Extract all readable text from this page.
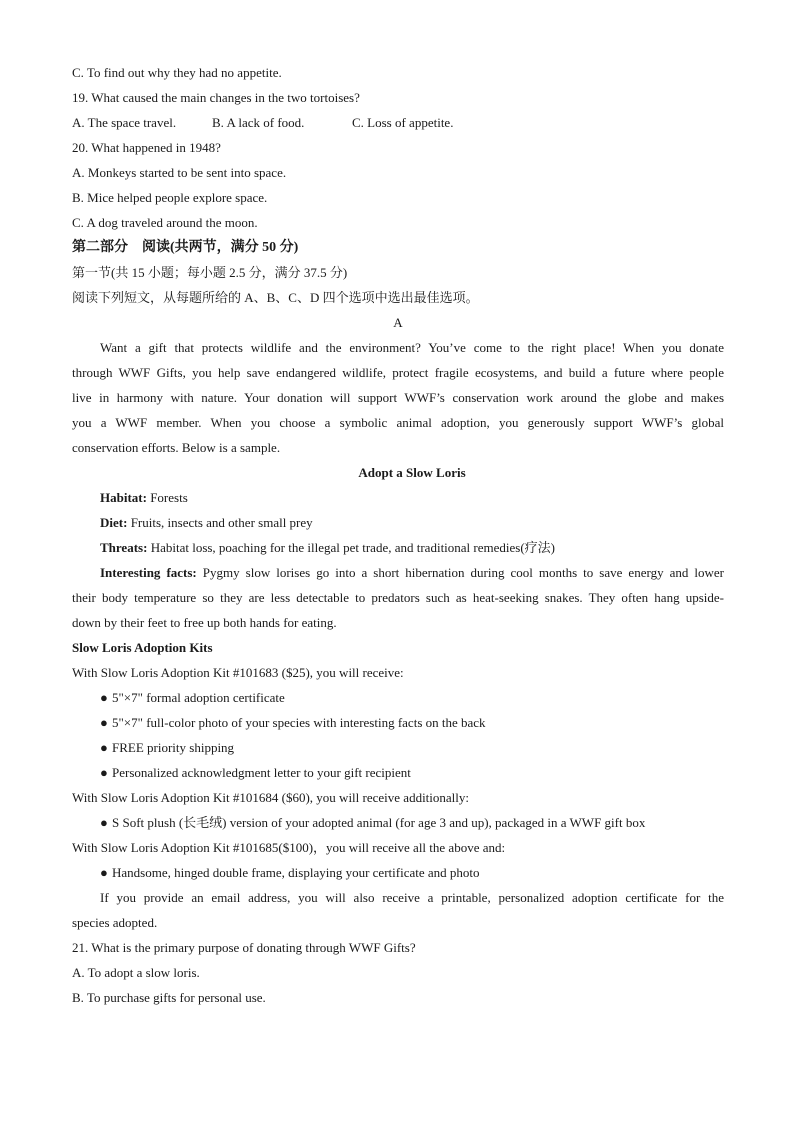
C. To find out why they had no appetite.
19. What caused the main changes in the two tortoises?
A. The space travel.	B. A lack of food.	C. Loss of appetite.
20. What happened in 1948?
A. Monkeys started to be sent into space.
B. Mice helped people explore space.
C. A dog traveled around the moon.
第二部分　阅读(共两节，满分 50 分)
第一节(共 15 小题；每小题 2.5 分，满分 37.5 分)
阅读下列短文，从每题所给的 A、B、C、D 四个选项中选出最佳选项。
A
Want a gift that protects wildlife and the environment? You’ve come to the right place! When you donate
through WWF Gifts, you help save endangered wildlife, protect fragile ecosystems, and build a future where people
live in harmony with nature. Your donation will support WWF’s conservation work around the globe and makes
you a WWF member. When you choose a symbolic animal adoption, you generously support WWF’s global
conservation efforts. Below is a sample.
Adopt a Slow Loris
Habitat: Forests
Diet: Fruits, insects and other small prey
Threats: Habitat loss, poaching for the illegal pet trade, and traditional remedies(疗法)
Interesting facts: Pygmy slow lorises go into a short hibernation during cool months to save energy and lower
their body temperature so they are less detectable to predators such as heat-seeking snakes. They often hang upside-
down by their feet to free up both hands for eating.
Slow Loris Adoption Kits
With Slow Loris Adoption Kit #101683 ($25), you will receive:
● 5"×7" formal adoption certificate
● 5"×7" full-color photo of your species with interesting facts on the back
● FREE priority shipping
● Personalized acknowledgment letter to your gift recipient
With Slow Loris Adoption Kit #101684 ($60), you will receive additionally:
● S Soft plush (长毛绒) version of your adopted animal (for age 3 and up), packaged in a WWF gift box
With Slow Loris Adoption Kit #101685($100)，you will receive all the above and:
● Handsome, hinged double frame, displaying your certificate and photo
If you provide an email address, you will also receive a printable, personalized adoption certificate for the
species adopted.
21. What is the primary purpose of donating through WWF Gifts?
A. To adopt a slow loris.
B. To purchase gifts for personal use.
